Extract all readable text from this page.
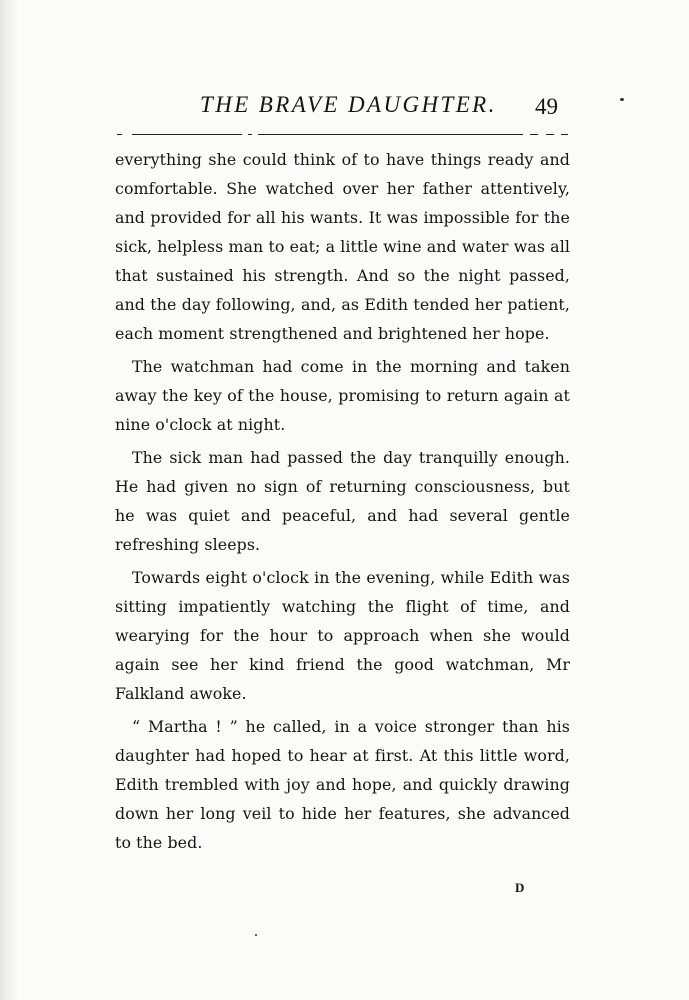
THE BRAVE DAUGHTER. 49

everything she could think of to have things ready and comfortable. She watched over her father attentively, and provided for all his wants. It was impossible for the sick, helpless man to eat; a little wine and water was all that sustained his strength. And so the night passed, and the day following, and, as Edith tended her patient, each moment strengthened and brightened her hope.

The watchman had come in the morning and taken away the key of the house, promising to return again at nine o'clock at night.

The sick man had passed the day tranquilly enough. He had given no sign of returning consciousness, but he was quiet and peaceful, and had several gentle refreshing sleeps.

Towards eight o'clock in the evening, while Edith was sitting impatiently watching the flight of time, and wearying for the hour to approach when she would again see her kind friend the good watchman, Mr Falkland awoke.

“ Martha ! ” he called, in a voice stronger than his daughter had hoped to hear at first. At this little word, Edith trembled with joy and hope, and quickly drawing down her long veil to hide her features, she advanced to the bed.

D
